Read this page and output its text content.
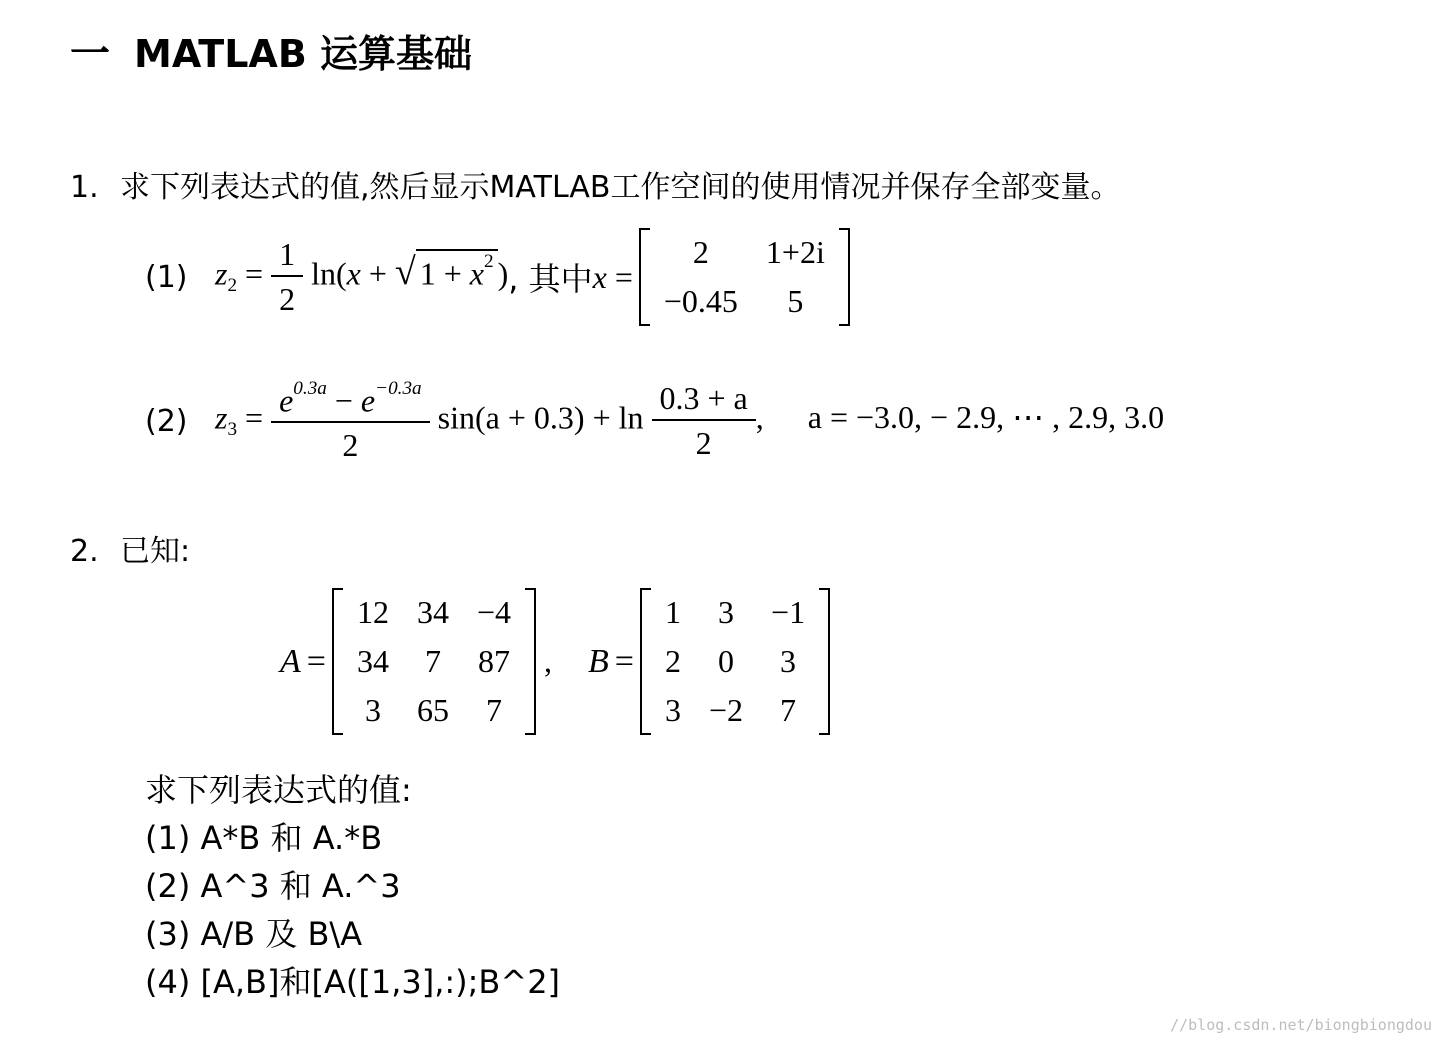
一 MATLAB 运算基础
1. 求下列表达式的值,然后显示MATLAB工作空间的使用情况并保存全部变量。
(1) $z_2 = \frac{1}{2} \ln(x$ + √ $1 + x^2$ ) , 其中 x =
2	1+2i
−0.45	5
(2) $z_3 = \frac{e^{0.3a} - e^{-0.3a}}{2} \sin(a + 0.3) + \ln \frac{0.3 + a}{2}$ , a = −3.0, − 2.9, ⋯ , 2.9, 3.0
2. 已知:
A =
12	34	−4
34	7	87
3	65	7
, B =
1	3	−1
2	0	3
3	−2	7
求下列表达式的值:
(1) A*B 和 A.*B
(2) A^3 和 A.^3
(3) A/B 及 B\A
(4) [A,B]和[A([1,3],:);B^2]
//blog.csdn.net/biongbiongdou
